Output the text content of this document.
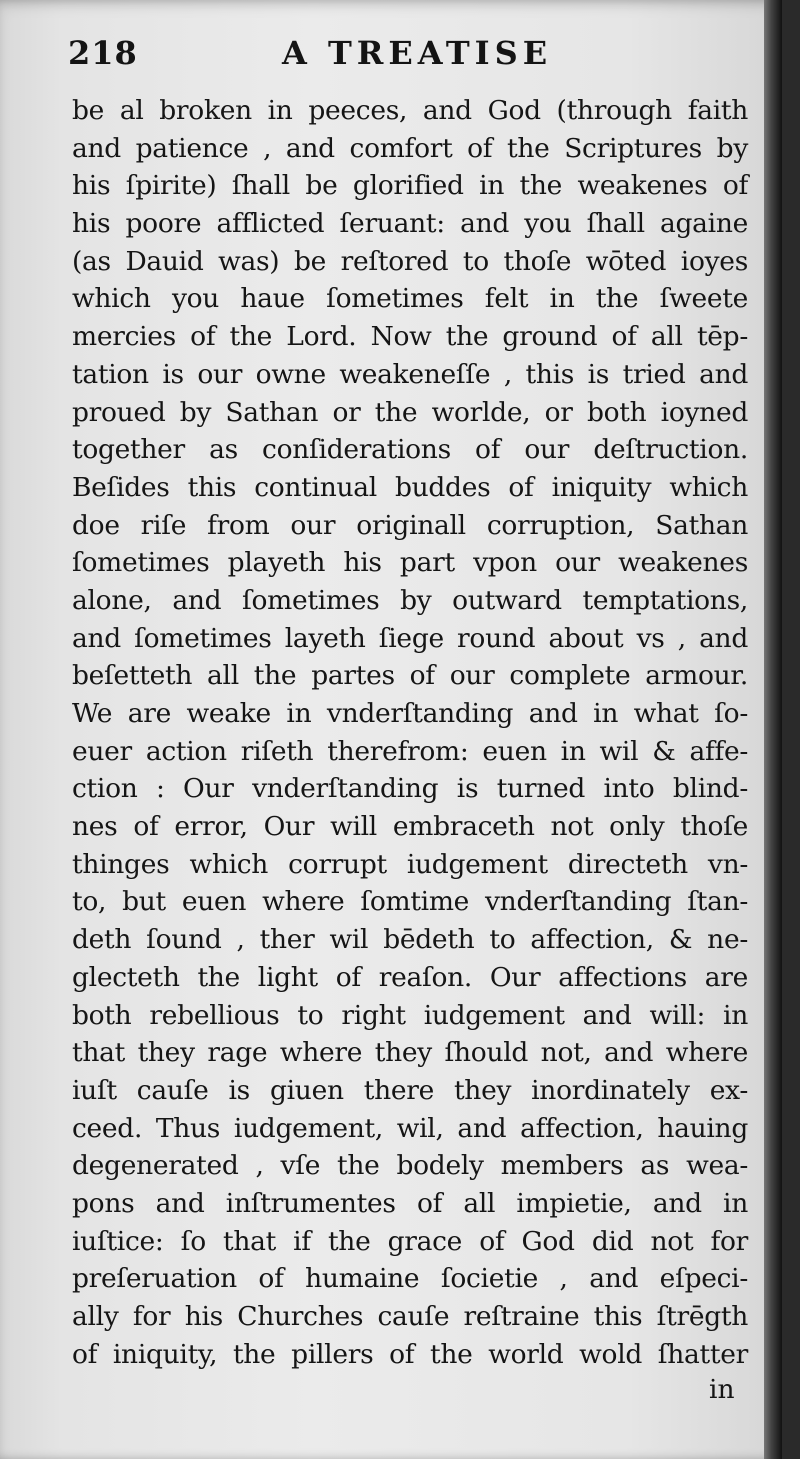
218	A TREATISE
be al broken in peeces, and God (through faith
and patience , and comfort of the Scriptures by
his ſpirite) ſhall be glorified in the weakenes of
his poore afflicted ſeruant: and you ſhall againe
(as Dauid was) be reſtored to thoſe wōted ioyes
which you haue ſometimes felt in the ſweete
mercies of the Lord. Now the ground of all tēp-
tation is our owne weakeneſſe , this is tried and
proued by Sathan or the worlde, or both ioyned
together as conſiderations of our deſtruction.
Beſides this continual buddes of iniquity which
doe riſe from our originall corruption, Sathan
ſometimes playeth his part vpon our weakenes
alone, and ſometimes by outward temptations,
and ſometimes layeth ſiege round about vs , and
beſetteth all the partes of our complete armour.
We are weake in vnderſtanding and in what ſo-
euer action riſeth therefrom: euen in wil & affe-
ction : Our vnderſtanding is turned into blind-
nes of error, Our will embraceth not only thoſe
thinges which corrupt iudgement directeth vn-
to, but euen where ſomtime vnderſtanding ſtan-
deth ſound , ther wil bēdeth to affection, & ne-
glecteth the light of reaſon. Our affections are
both rebellious to right iudgement and will: in
that they rage where they ſhould not, and where
iuſt cauſe is giuen there they inordinately ex-
ceed. Thus iudgement, wil, and affection, hauing
degenerated , vſe the bodely members as wea-
pons and inſtrumentes of all impietie, and in
iuſtice: ſo that if the grace of God did not for
preſeruation of humaine ſocietie , and eſpeci-
ally for his Churches cauſe reſtraine this ſtrēgth
of iniquity, the pillers of the world wold ſhatter
in
